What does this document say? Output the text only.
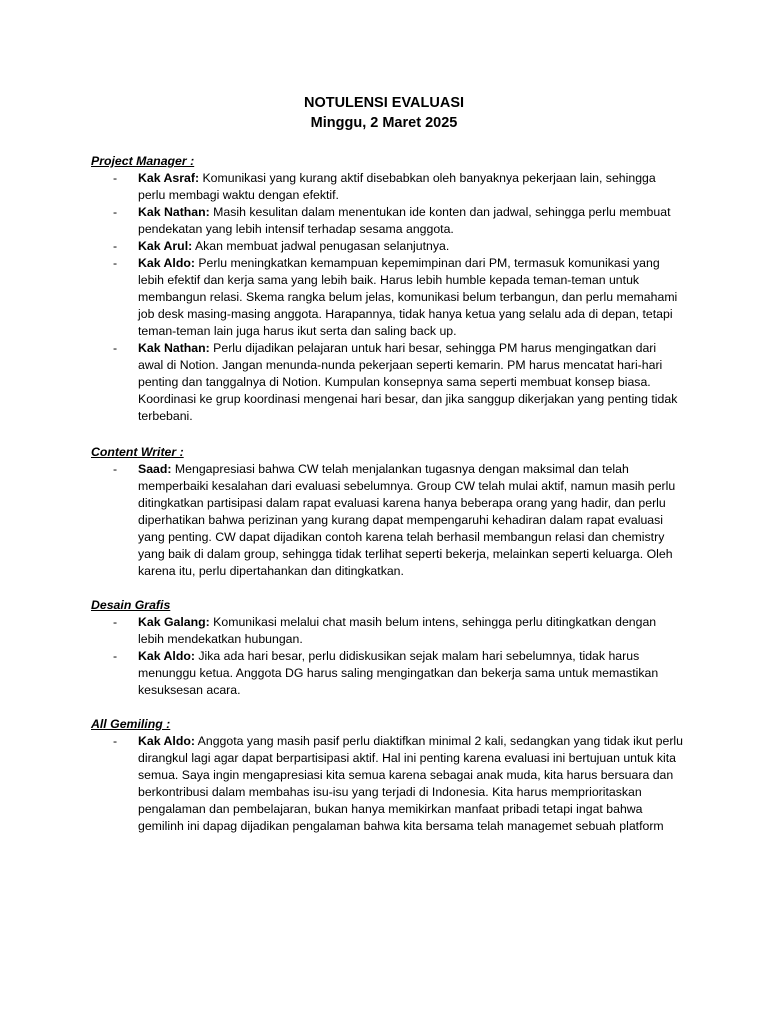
NOTULENSI EVALUASI
Minggu, 2 Maret 2025
Project Manager :
- Kak Asraf: Komunikasi yang kurang aktif disebabkan oleh banyaknya pekerjaan lain, sehingga perlu membagi waktu dengan efektif.
- Kak Nathan: Masih kesulitan dalam menentukan ide konten dan jadwal, sehingga perlu membuat pendekatan yang lebih intensif terhadap sesama anggota.
- Kak Arul: Akan membuat jadwal penugasan selanjutnya.
- Kak Aldo: Perlu meningkatkan kemampuan kepemimpinan dari PM, termasuk komunikasi yang lebih efektif dan kerja sama yang lebih baik. Harus lebih humble kepada teman-teman untuk membangun relasi. Skema rangka belum jelas, komunikasi belum terbangun, dan perlu memahami job desk masing-masing anggota. Harapannya, tidak hanya ketua yang selalu ada di depan, tetapi teman-teman lain juga harus ikut serta dan saling back up.
- Kak Nathan: Perlu dijadikan pelajaran untuk hari besar, sehingga PM harus mengingatkan dari awal di Notion. Jangan menunda-nunda pekerjaan seperti kemarin. PM harus mencatat hari-hari penting dan tanggalnya di Notion. Kumpulan konsepnya sama seperti membuat konsep biasa. Koordinasi ke grup koordinasi mengenai hari besar, dan jika sanggup dikerjakan yang penting tidak terbebani.
Content Writer :
- Saad: Mengapresiasi bahwa CW telah menjalankan tugasnya dengan maksimal dan telah memperbaiki kesalahan dari evaluasi sebelumnya. Group CW telah mulai aktif, namun masih perlu ditingkatkan partisipasi dalam rapat evaluasi karena hanya beberapa orang yang hadir, dan perlu diperhatikan bahwa perizinan yang kurang dapat mempengaruhi kehadiran dalam rapat evaluasi yang penting. CW dapat dijadikan contoh karena telah berhasil membangun relasi dan chemistry yang baik di dalam group, sehingga tidak terlihat seperti bekerja, melainkan seperti keluarga. Oleh karena itu, perlu dipertahankan dan ditingkatkan.
Desain Grafis
- Kak Galang: Komunikasi melalui chat masih belum intens, sehingga perlu ditingkatkan dengan lebih mendekatkan hubungan.
- Kak Aldo: Jika ada hari besar, perlu didiskusikan sejak malam hari sebelumnya, tidak harus menunggu ketua. Anggota DG harus saling mengingatkan dan bekerja sama untuk memastikan kesuksesan acara.
All Gemiling :
- Kak Aldo: Anggota yang masih pasif perlu diaktifkan minimal 2 kali, sedangkan yang tidak ikut perlu dirangkul lagi agar dapat berpartisipasi aktif. Hal ini penting karena evaluasi ini bertujuan untuk kita semua. Saya ingin mengapresiasi kita semua karena sebagai anak muda, kita harus bersuara dan berkontribusi dalam membahas isu-isu yang terjadi di Indonesia. Kita harus memprioritaskan pengalaman dan pembelajaran, bukan hanya memikirkan manfaat pribadi tetapi ingat bahwa gemilinh ini dapag dijadikan pengalaman bahwa kita bersama telah managemet sebuah platform
